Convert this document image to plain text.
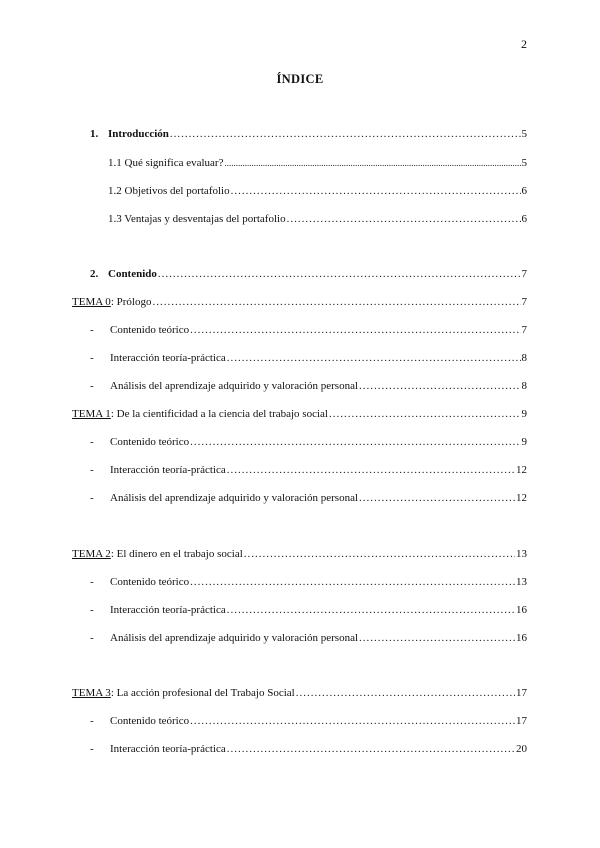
2
ÍNDICE
1. Introducción .....	5
1.1 Qué significa evaluar? .....	5
1.2 Objetivos del portafolio .....	6
1.3 Ventajas y desventajas del portafolio .....	6
2. Contenido .....	7
TEMA 0: Prólogo .....	7
- Contenido teórico .....	7
- Interacción teoría-práctica .....	8
- Análisis del aprendizaje adquirido y valoración personal .....	8
TEMA 1: De la cientificidad a la ciencia del trabajo social .....	9
- Contenido teórico .....	9
- Interacción teoría-práctica .....	12
- Análisis del aprendizaje adquirido y valoración personal .....	12
TEMA 2: El dinero en el trabajo social .....	13
- Contenido teórico .....	13
- Interacción teoría-práctica .....	16
- Análisis del aprendizaje adquirido y valoración personal .....	16
TEMA 3: La acción profesional del Trabajo Social .....	17
- Contenido teórico .....	17
- Interacción teoría-práctica .....	20
